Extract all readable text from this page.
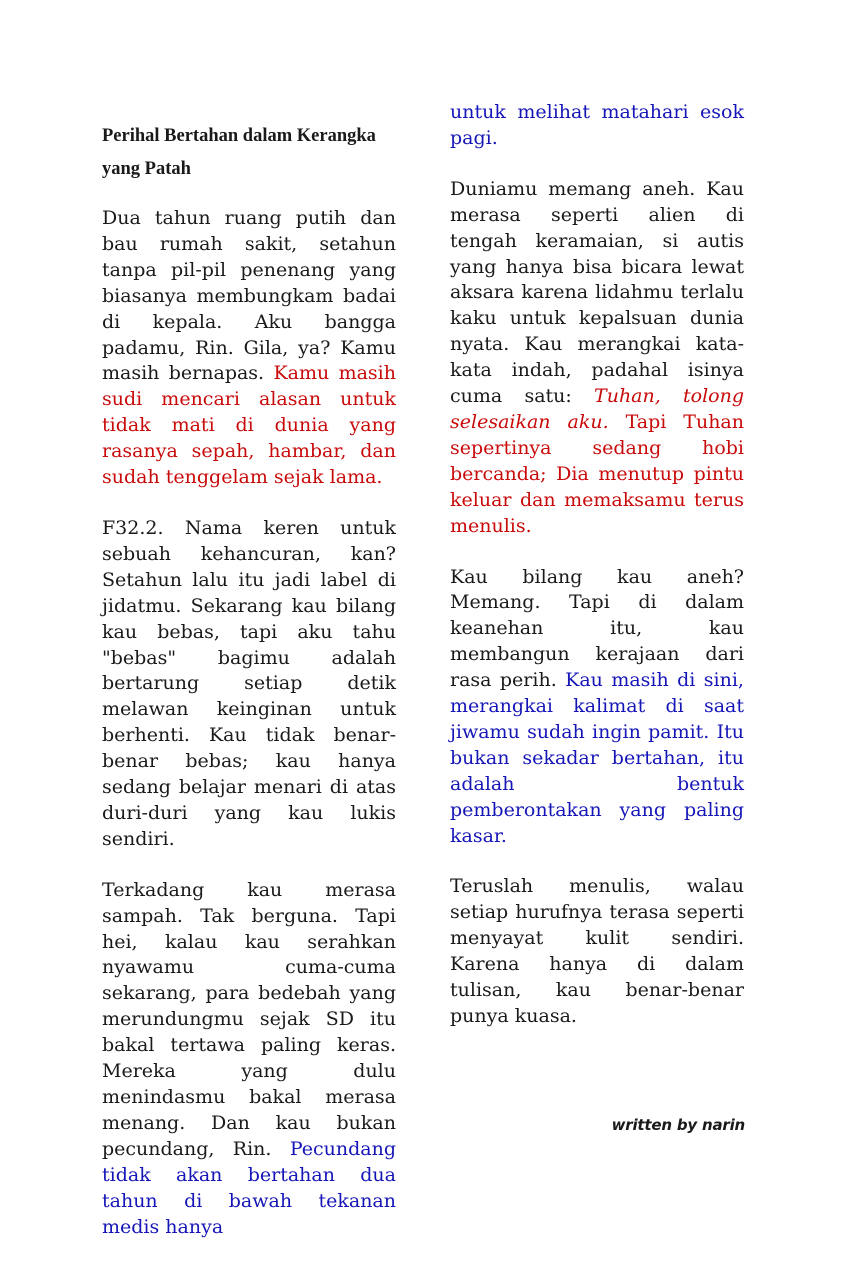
Perihal Bertahan dalam Kerangka yang Patah

Dua tahun ruang putih dan bau rumah sakit, setahun tanpa pil-pil penenang yang biasanya membungkam badai di kepala. Aku bangga padamu, Rin. Gila, ya? Kamu masih bernapas. Kamu masih sudi mencari alasan untuk tidak mati di dunia yang rasanya sepah, hambar, dan sudah tenggelam sejak lama.

F32.2. Nama keren untuk sebuah kehancuran, kan? Setahun lalu itu jadi label di jidatmu. Sekarang kau bilang kau bebas, tapi aku tahu "bebas" bagimu adalah bertarung setiap detik melawan keinginan untuk berhenti. Kau tidak benar-benar bebas; kau hanya sedang belajar menari di atas duri-duri yang kau lukis sendiri.

Terkadang kau merasa sampah. Tak berguna. Tapi hei, kalau kau serahkan nyawamu cuma-cuma sekarang, para bedebah yang merundungmu sejak SD itu bakal tertawa paling keras. Mereka yang dulu menindasmu bakal merasa menang. Dan kau bukan pecundang, Rin. Pecundang tidak akan bertahan dua tahun di bawah tekanan medis hanya

untuk melihat matahari esok pagi.

Duniamu memang aneh. Kau merasa seperti alien di tengah keramaian, si autis yang hanya bisa bicara lewat aksara karena lidahmu terlalu kaku untuk kepalsuan dunia nyata. Kau merangkai kata-kata indah, padahal isinya cuma satu: Tuhan, tolong selesaikan aku. Tapi Tuhan sepertinya sedang hobi bercanda; Dia menutup pintu keluar dan memaksamu terus menulis.

Kau bilang kau aneh? Memang. Tapi di dalam keanehan itu, kau membangun kerajaan dari rasa perih. Kau masih di sini, merangkai kalimat di saat jiwamu sudah ingin pamit. Itu bukan sekadar bertahan, itu adalah bentuk pemberontakan yang paling kasar.

Teruslah menulis, walau setiap hurufnya terasa seperti menyayat kulit sendiri. Karena hanya di dalam tulisan, kau benar-benar punya kuasa.

written by narin
